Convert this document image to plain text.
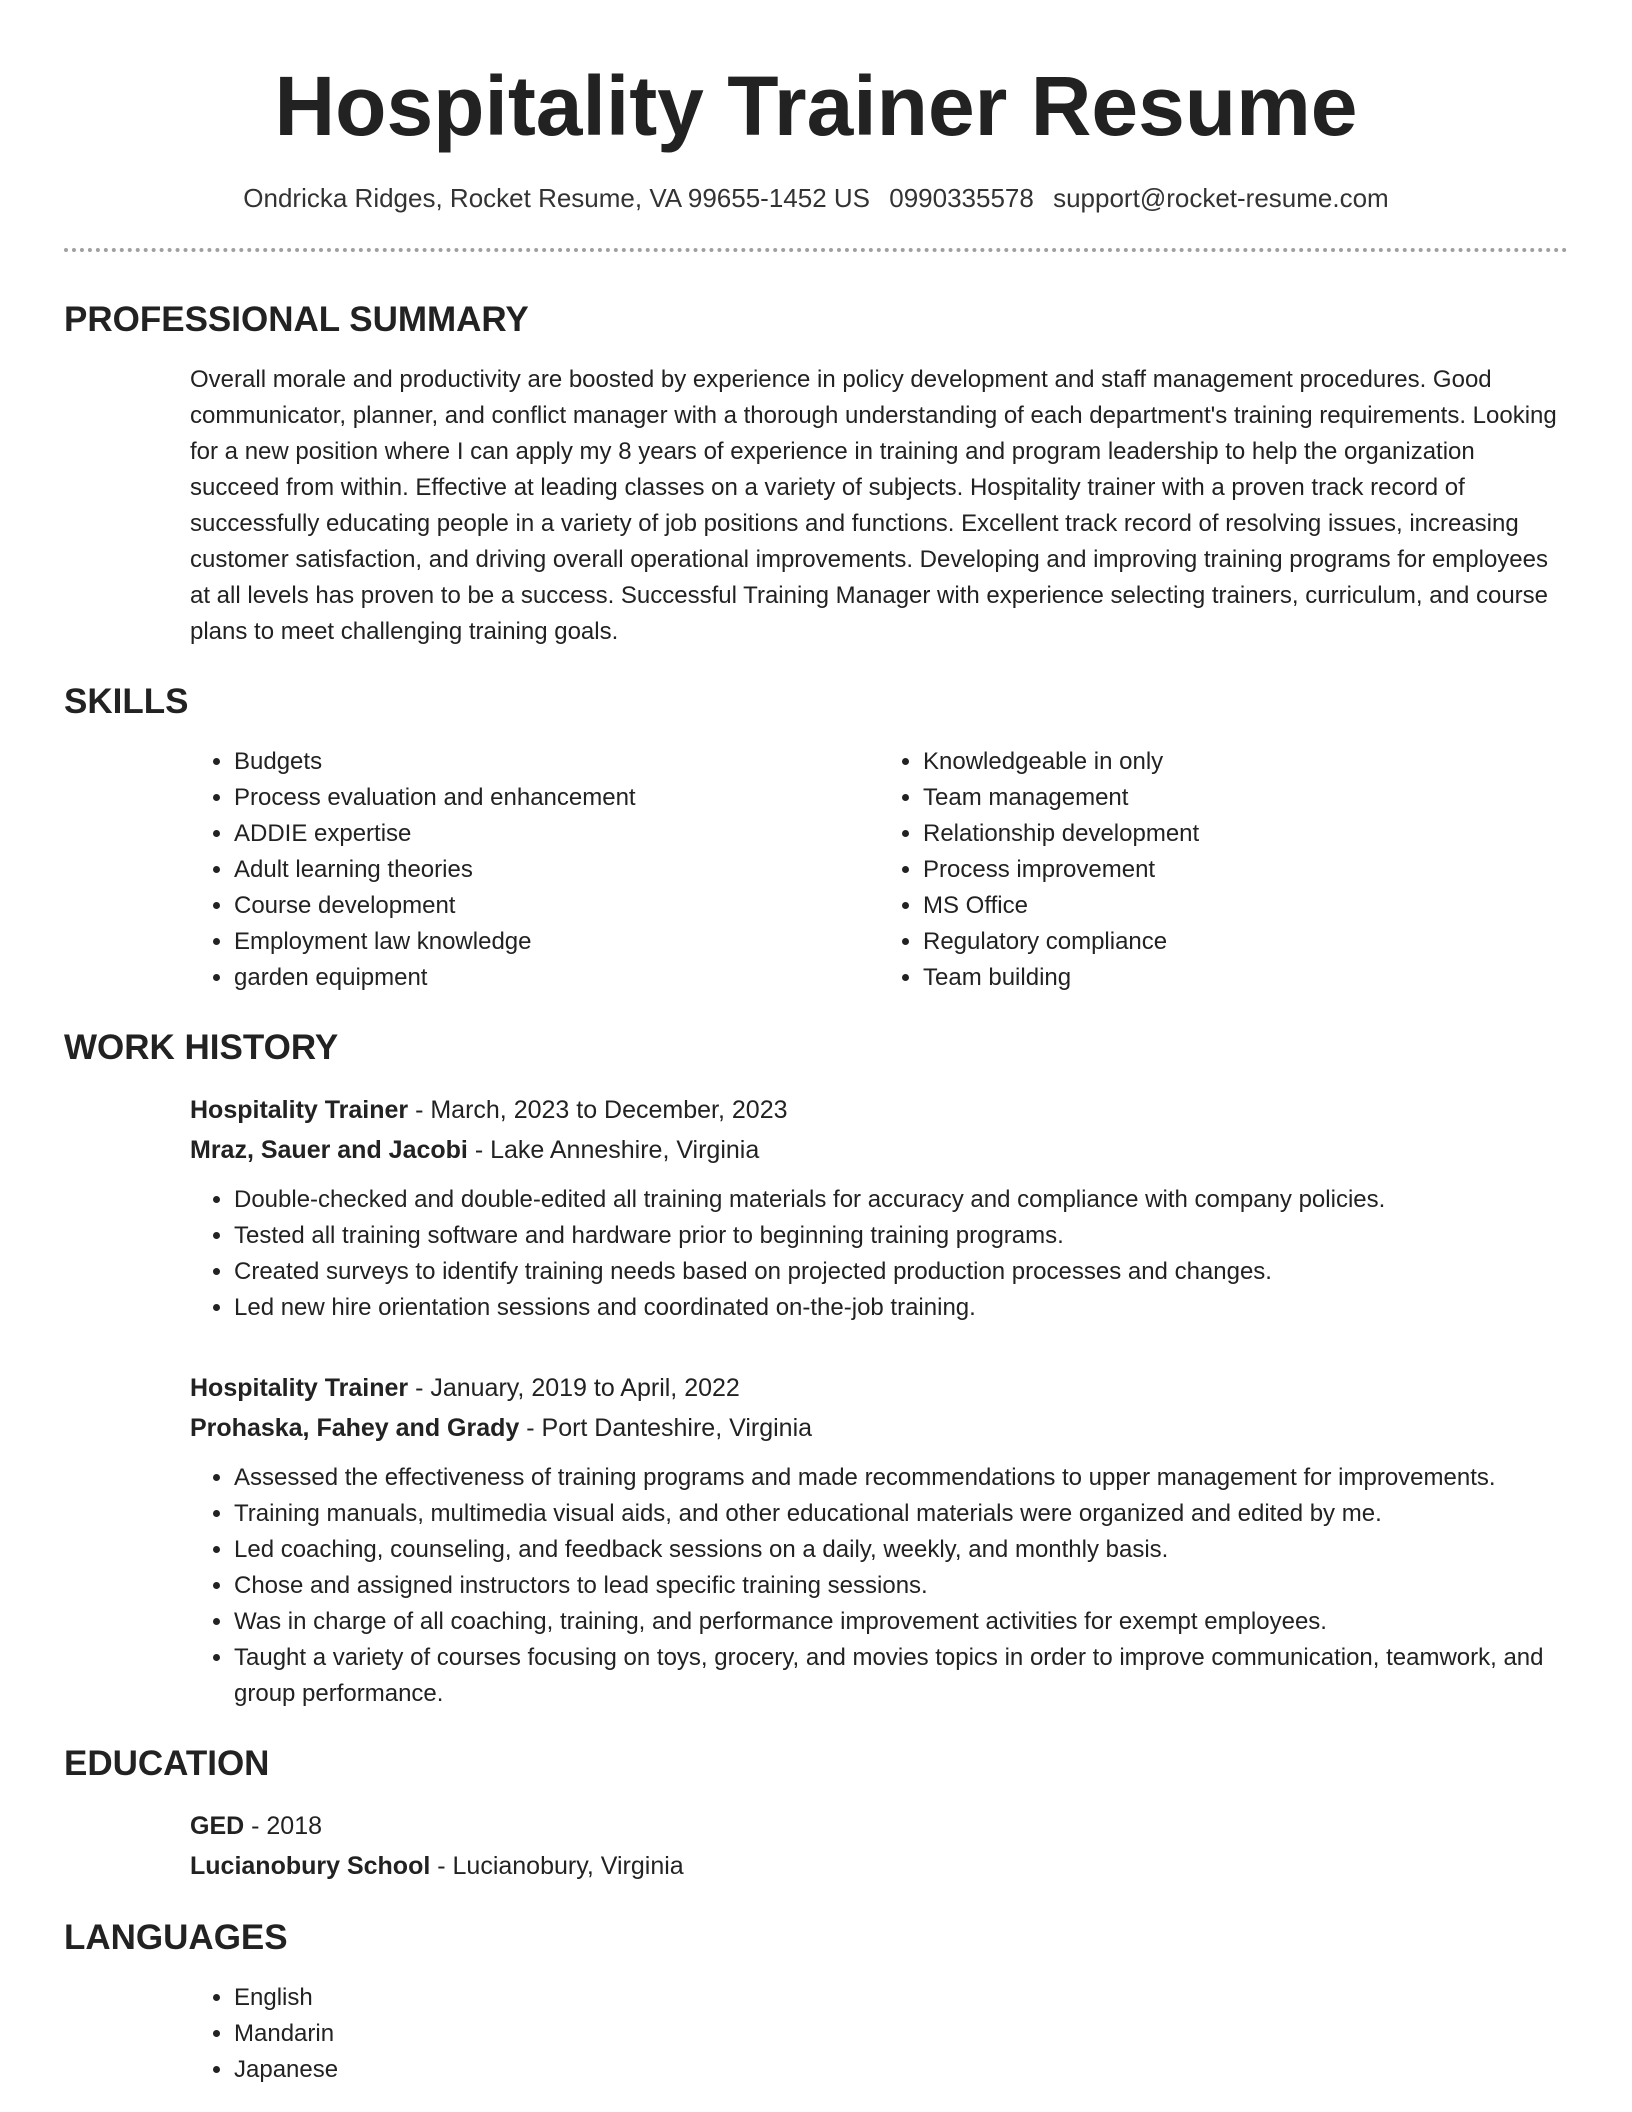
Hospitality Trainer Resume
Ondricka Ridges, Rocket Resume, VA 99655-1452 US 0990335578 support@rocket-resume.com
PROFESSIONAL SUMMARY
Overall morale and productivity are boosted by experience in policy development and staff management procedures. Good communicator, planner, and conflict manager with a thorough understanding of each department's training requirements. Looking for a new position where I can apply my 8 years of experience in training and program leadership to help the organization succeed from within. Effective at leading classes on a variety of subjects. Hospitality trainer with a proven track record of successfully educating people in a variety of job positions and functions. Excellent track record of resolving issues, increasing customer satisfaction, and driving overall operational improvements. Developing and improving training programs for employees at all levels has proven to be a success. Successful Training Manager with experience selecting trainers, curriculum, and course plans to meet challenging training goals.
SKILLS
• Budgets
• Process evaluation and enhancement
• ADDIE expertise
• Adult learning theories
• Course development
• Employment law knowledge
• garden equipment
• Knowledgeable in only
• Team management
• Relationship development
• Process improvement
• MS Office
• Regulatory compliance
• Team building
WORK HISTORY
Hospitality Trainer - March, 2023 to December, 2023
Mraz, Sauer and Jacobi - Lake Anneshire, Virginia
• Double-checked and double-edited all training materials for accuracy and compliance with company policies.
• Tested all training software and hardware prior to beginning training programs.
• Created surveys to identify training needs based on projected production processes and changes.
• Led new hire orientation sessions and coordinated on-the-job training.
Hospitality Trainer - January, 2019 to April, 2022
Prohaska, Fahey and Grady - Port Danteshire, Virginia
• Assessed the effectiveness of training programs and made recommendations to upper management for improvements.
• Training manuals, multimedia visual aids, and other educational materials were organized and edited by me.
• Led coaching, counseling, and feedback sessions on a daily, weekly, and monthly basis.
• Chose and assigned instructors to lead specific training sessions.
• Was in charge of all coaching, training, and performance improvement activities for exempt employees.
• Taught a variety of courses focusing on toys, grocery, and movies topics in order to improve communication, teamwork, and group performance.
EDUCATION
GED - 2018
Lucianobury School - Lucianobury, Virginia
LANGUAGES
• English
• Mandarin
• Japanese
